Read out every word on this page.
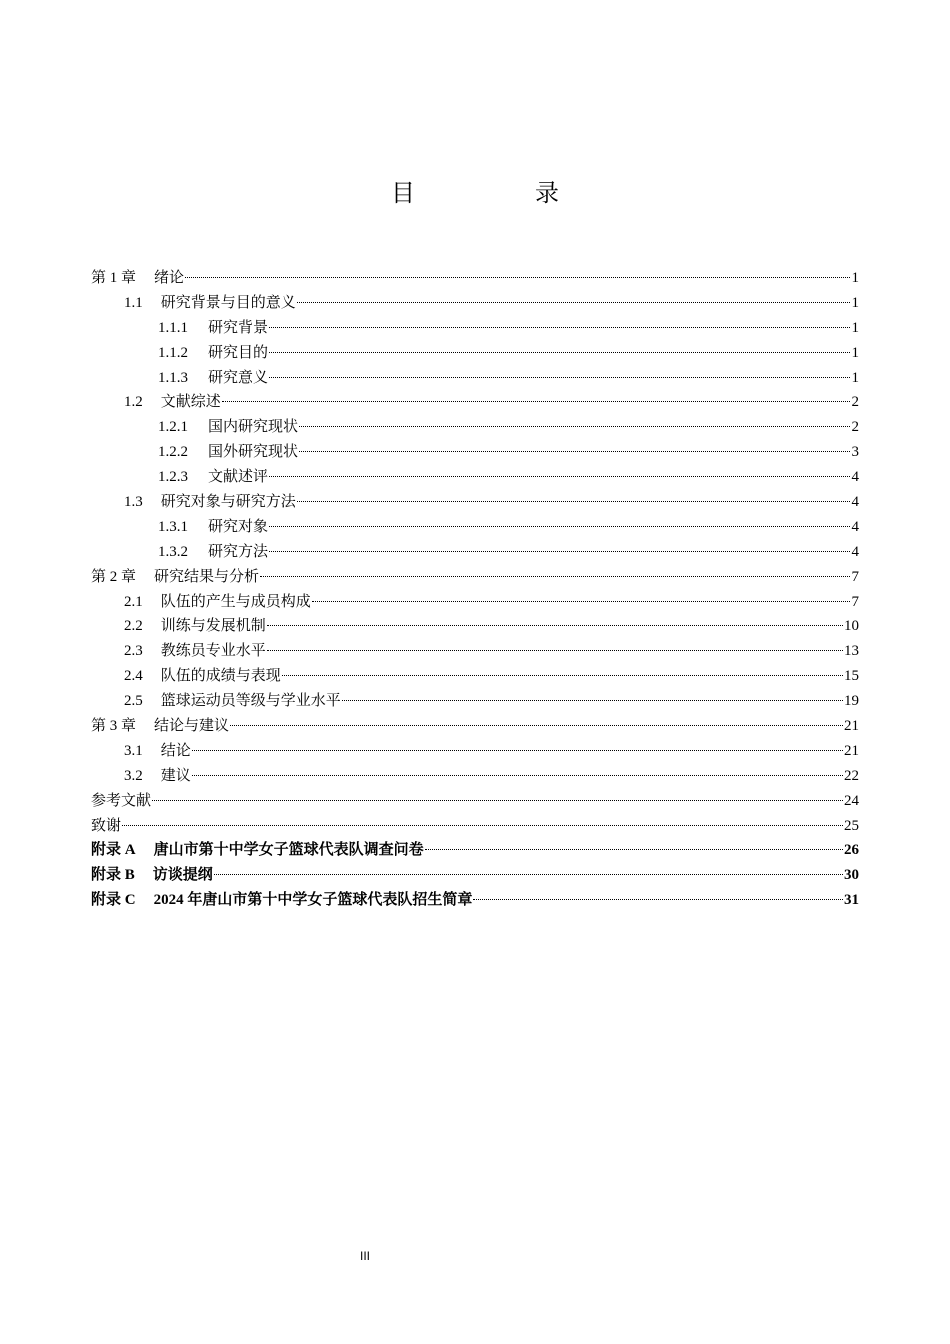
目　录
第 1 章 绪论	1
1.1 研究背景与目的意义	1
1.1.1	研究背景	1
1.1.2	研究目的	1
1.1.3	研究意义	1
1.2 文献综述	2
1.2.1	国内研究现状	2
1.2.2	国外研究现状	3
1.2.3	文献述评	4
1.3 研究对象与研究方法	4
1.3.1	研究对象	4
1.3.2	研究方法	4
第 2 章 研究结果与分析	7
2.1 队伍的产生与成员构成	7
2.2 训练与发展机制	10
2.3 教练员专业水平	13
2.4 队伍的成绩与表现	15
2.5 篮球运动员等级与学业水平	19
第 3 章 结论与建议	21
3.1 结论	21
3.2 建议	22
参考文献	24
致谢	25
附录 A 唐山市第十中学女子篮球代表队调查问卷	26
附录 B 访谈提纲	30
附录 C 2024 年唐山市第十中学女子篮球代表队招生简章	31
III
